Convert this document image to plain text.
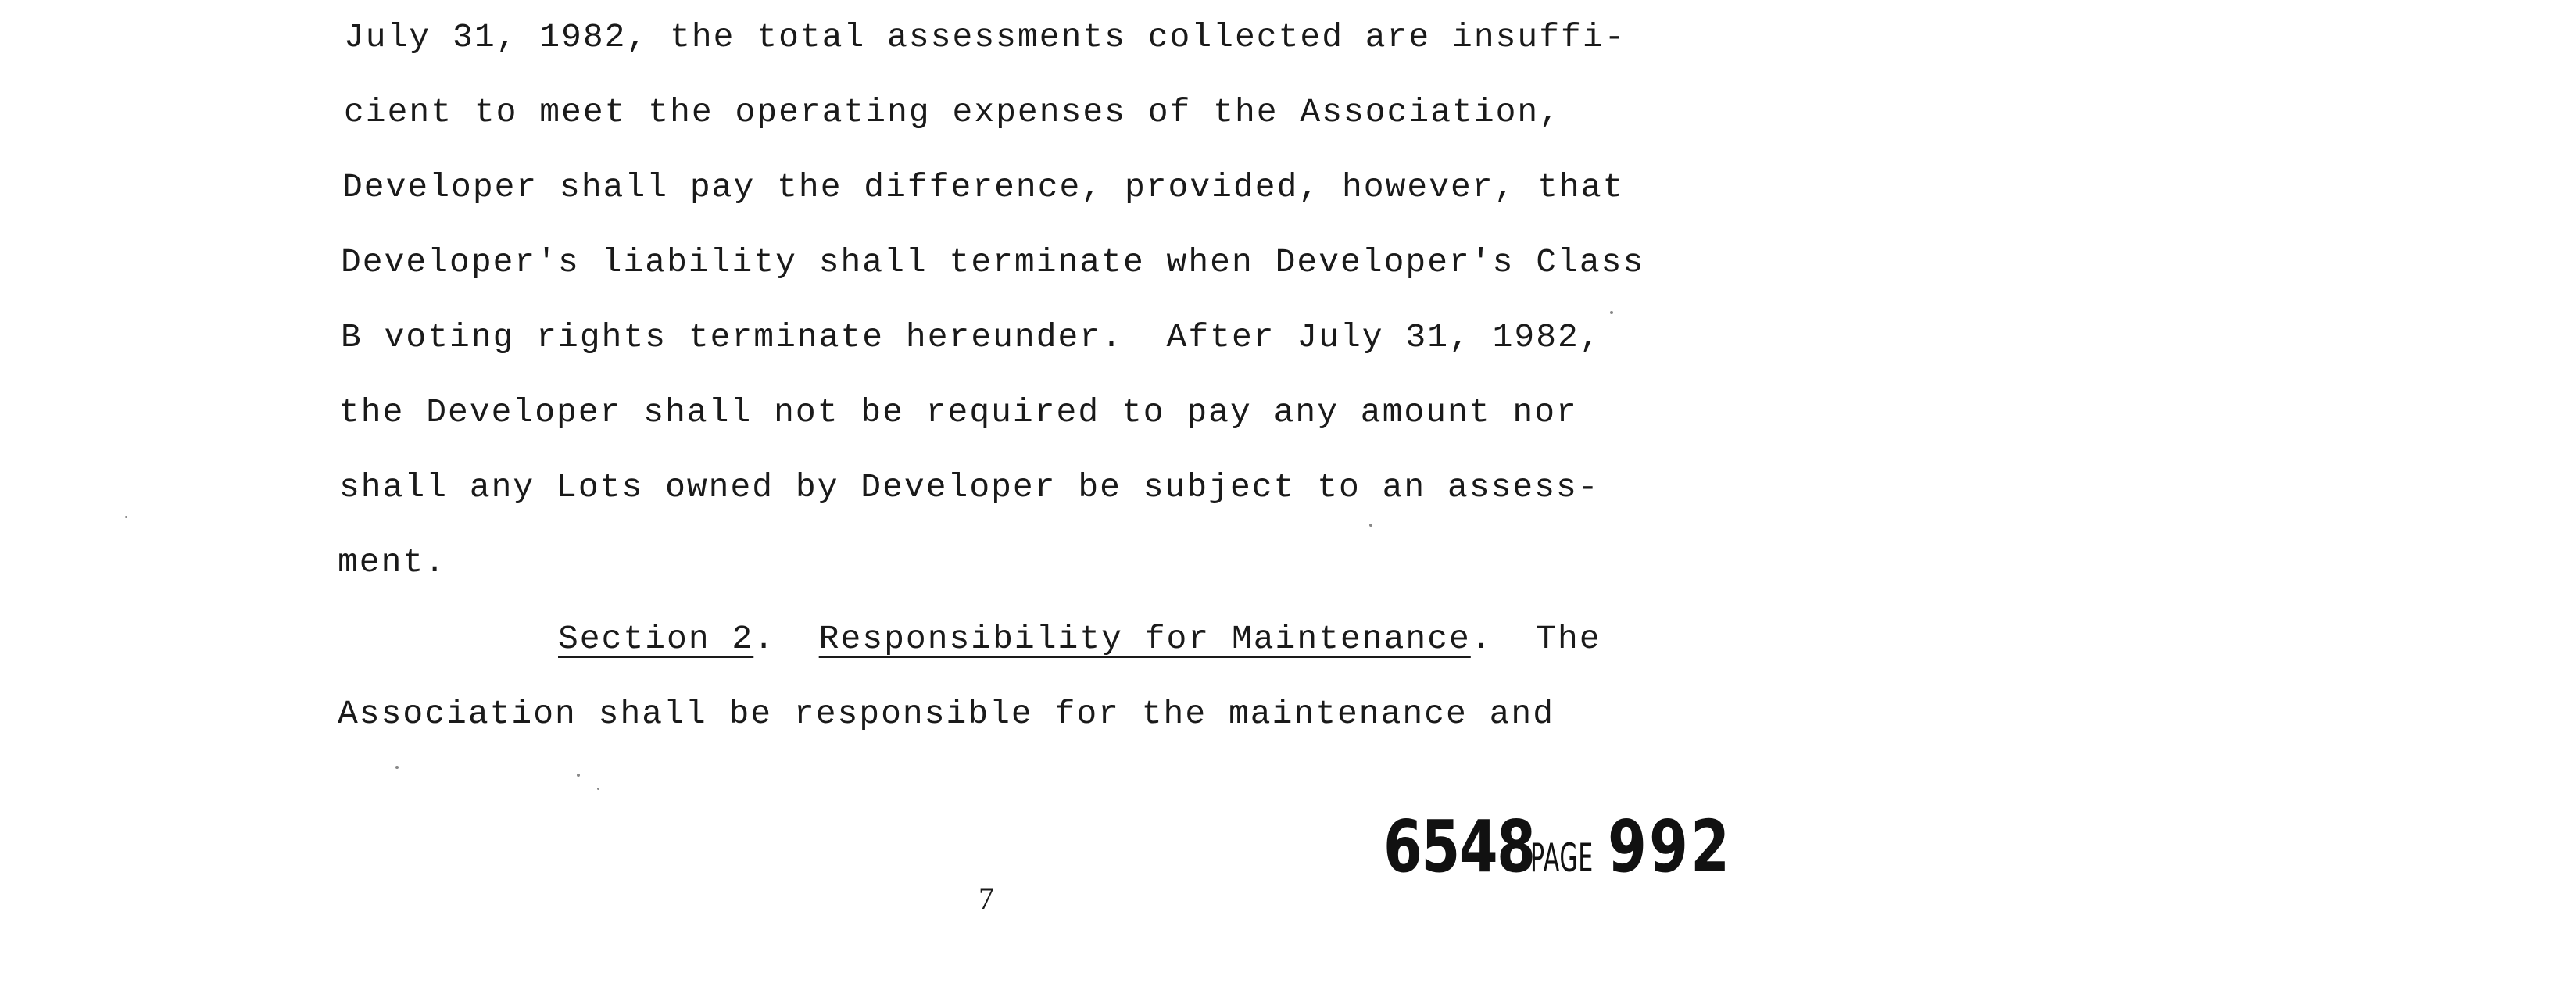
July 31, 1982, the total assessments collected are insuffi-
cient to meet the operating expenses of the Association,
Developer shall pay the difference, provided, however, that
Developer's liability shall terminate when Developer's Class
B voting rights terminate hereunder.  After July 31, 1982,
the Developer shall not be required to pay any amount nor
shall any Lots owned by Developer be subject to an assess-
ment.
Section 2.  Responsibility for Maintenance.  The
Association shall be responsible for the maintenance and
6548PAGE 992
7
